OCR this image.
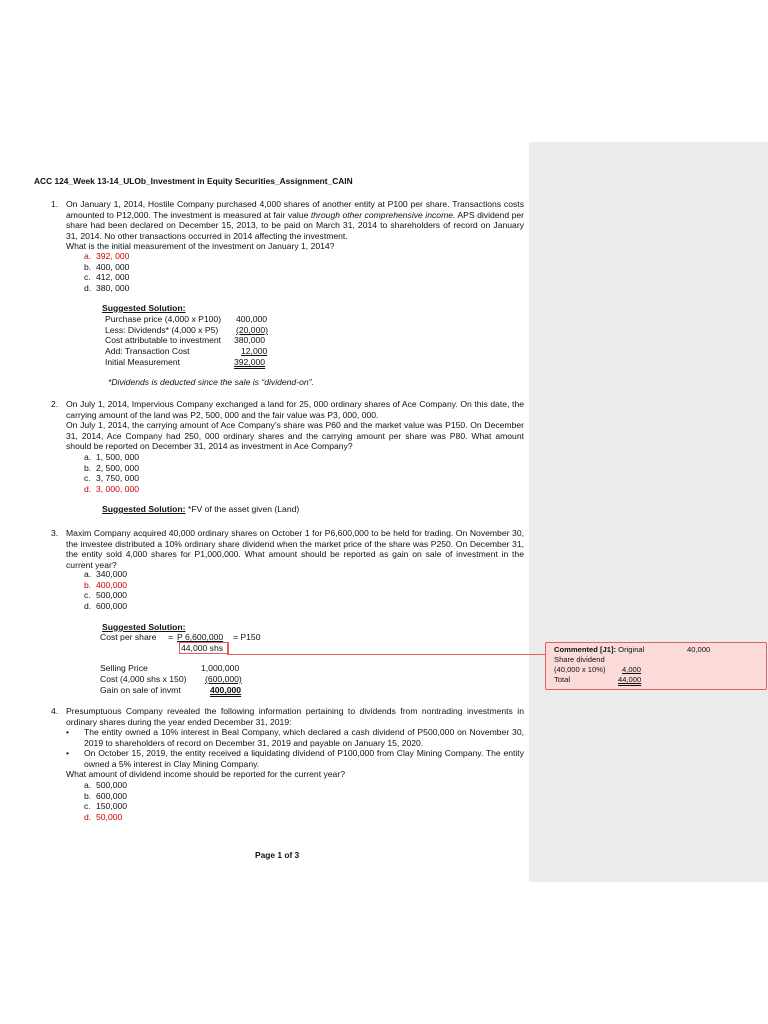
ACC 124_Week 13-14_ULOb_Investment in Equity Securities_Assignment_CAIN
1. On January 1, 2014, Hostile Company purchased 4,000 shares of another entity at P100 per share. Transactions costs amounted to P12,000. The investment is measured at fair value through other comprehensive income. APS dividend per share had been declared on December 15, 2013, to be paid on March 31, 2014 to shareholders of record on January 31, 2014. No other transactions occurred in 2014 affecting the investment.
What is the initial measurement of the investment on January 1, 2014?
a. 392, 000
b. 400, 000
c. 412, 000
d. 380, 000
Suggested Solution:
Purchase price (4,000 x P100) 400,000
Less: Dividends* (4,000 x P5) (20,000)
Cost attributable to investment 380,000
Add: Transaction Cost	12,000
Initial Measurement	392,000
*Dividends is deducted since the sale is “dividend-on”.
2. On July 1, 2014, Impervious Company exchanged a land for 25, 000 ordinary shares of Ace Company. On this date, the carrying amount of the land was P2, 500, 000 and the fair value was P3, 000, 000.
On July 1, 2014, the carrying amount of Ace Company’s share was P60 and the market value was P150. On December 31, 2014, Ace Company had 250, 000 ordinary shares and the carrying amount per share was P80. What amount should be reported on December 31, 2014 as investment in Ace Company?
a. 1, 500, 000
b. 2, 500, 000
c. 3, 750, 000
d. 3, 000, 000
Suggested Solution: *FV of the asset given (Land)
3. Maxim Company acquired 40,000 ordinary shares on October 1 for P6,600,000 to be held for trading. On November 30, the investee distributed a 10% ordinary share dividend when the market price of the share was P250. On December 31, the entity sold 4,000 shares for P1,000,000. What amount should be reported as gain on sale of investment in the current year?
a. 340,000
b. 400,000
c. 500,000
d. 600,000
Suggested Solution:
Cost per share = P 6,600,000 = P150
44,000 shs
Selling Price	1,000,000
Cost (4,000 shs x 150) (600,000)
Gain on sale of invmt	400,000
4. Presumptuous Company revealed the following information pertaining to dividends from nontrading investments in ordinary shares during the year ended December 31, 2019:
• The entity owned a 10% interest in Beal Company, which declared a cash dividend of P500,000 on November 30, 2019 to shareholders of record on December 31, 2019 and payable on January 15, 2020.
• On October 15, 2019, the entity received a liquidating dividend of P100,000 from Clay Mining Company. The entity owned a 5% interest in Clay Mining Company.
What amount of dividend income should be reported for the current year?
a. 500,000
b. 600,000
c. 150,000
d. 50,000
Page 1 of 3
Commented [J1]: Original	40,000
Share dividend
(40,000 x 10%) 4,000
Total	44,000
